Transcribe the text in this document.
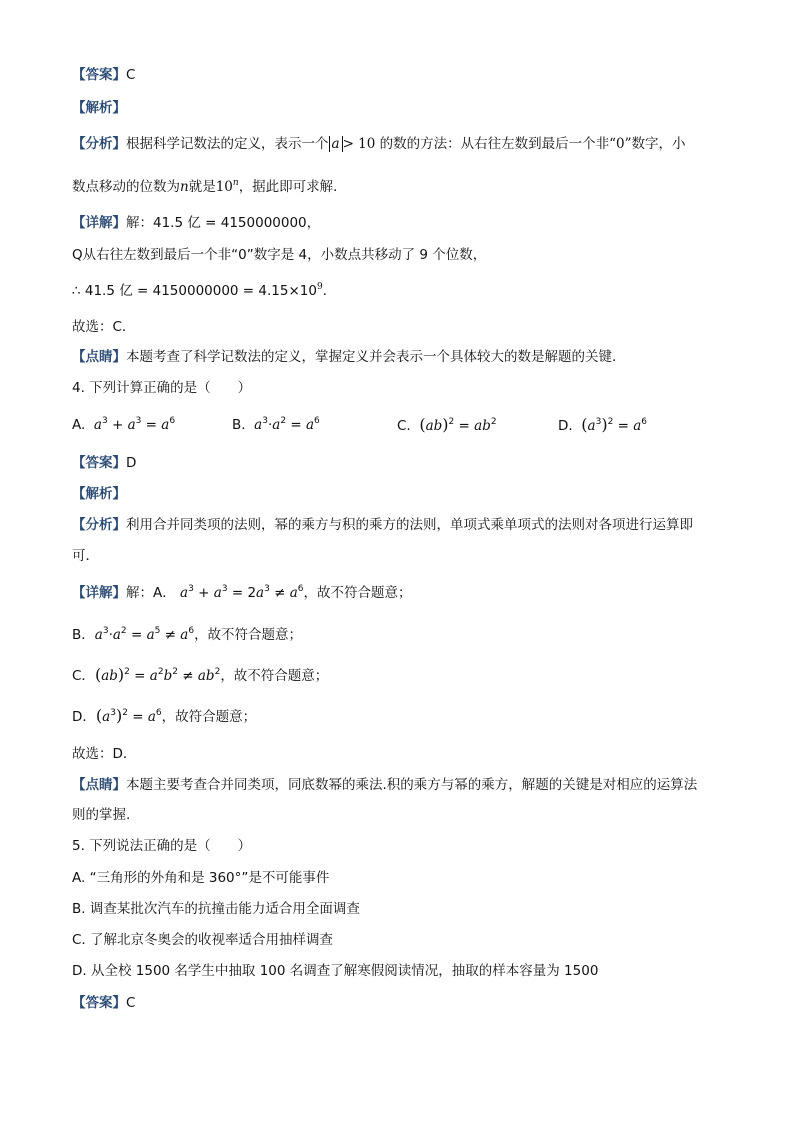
【答案】C
【解析】
【分析】根据科学记数法的定义，表示一个 a > 10 的数的方法：从右往左数到最后一个非“0”数字，小
数点移动的位数为n就是10$^n$，据此即可求解．
【详解】解：41.5 亿 = 4150000000，
Q从右往左数到最后一个非“0”数字是 4，小数点共移动了 9 个位数，
∴ 41.5 亿 = $4150000000 = 4.15\times 10^9$．
故选：C．
【点睛】本题考查了科学记数法的定义，掌握定义并会表示一个具体较大的数是解题的关键．
4. 下列计算正确的是（　　）
A. $a^3 + a^3 = a^6$	B. $a^3\cdot a^2 = a^6$	C. $(ab)^2 = ab^2$	D. $(a^3)^2 = a^6$
【答案】D
【解析】
【分析】利用合并同类项的法则，幂的乘方与积的乘方的法则，单项式乘单项式的法则对各项进行运算即
可．
【详解】解：A． $a^3 + a^3 = 2a^3 \ne a^6$，故不符合题意；
B．$a^3\cdot a^2 = a^5 \ne a^6$，故不符合题意；
C．$(ab)^2 = a^2b^2 \ne ab^2$，故不符合题意；
D．$(a^3)^2 = a^6$，故符合题意；
故选：D．
【点睛】本题主要考查合并同类项，同底数幂的乘法.积的乘方与幂的乘方，解题的关键是对相应的运算法
则的掌握.
5. 下列说法正确的是（　　）
A. “三角形的外角和是 360°”是不可能事件
B. 调查某批次汽车的抗撞击能力适合用全面调查
C. 了解北京冬奥会的收视率适合用抽样调查
D. 从全校 1500 名学生中抽取 100 名调查了解寒假阅读情况，抽取的样本容量为 1500
【答案】C
